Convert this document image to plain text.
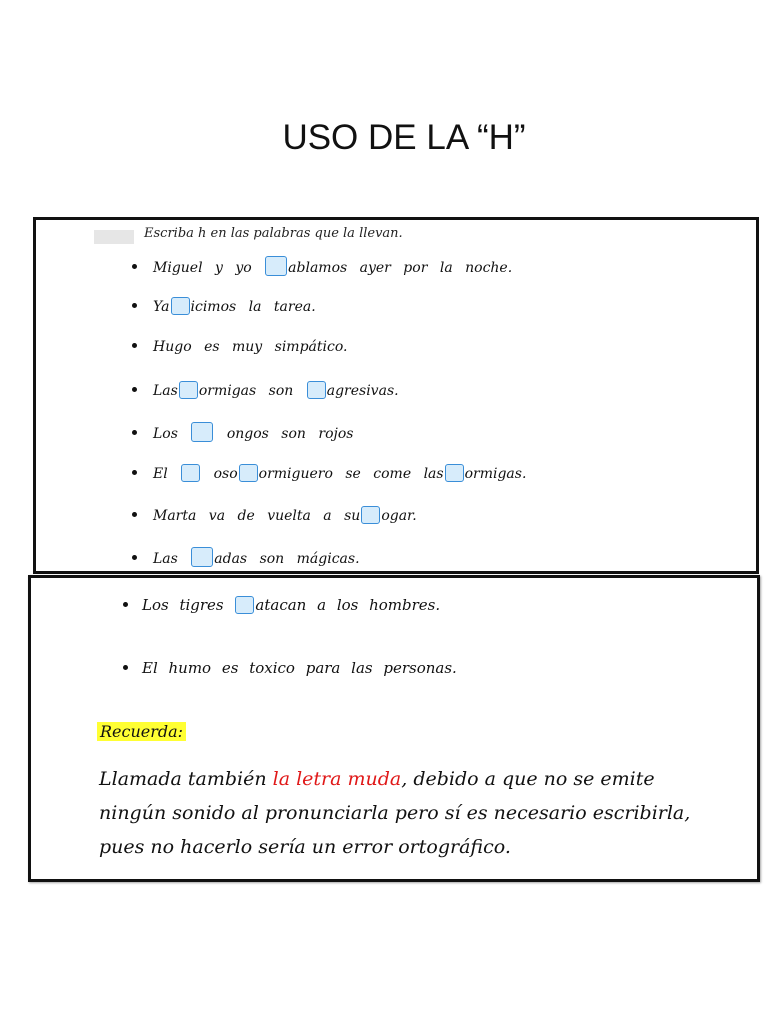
USO DE LA “H”
Escriba h en las palabras que la llevan.
Miguel y yo	ablamos ayer por la noche.
Ya icimos la tarea.
Hugo es muy simpático.
Las ormigas son agresivas.
Los	ongos son rojos
El	oso ormiguero se come las ormigas.
Marta va de vuelta a su ogar.
Las	adas son mágicas.
Los tigres atacan a los hombres.
El humo es toxico para las personas.
Recuerda:
Llamada también la letra muda, debido a que no se emite ningún sonido al pronunciarla pero sí es necesario escribirla, pues no hacerlo sería un error ortográfico.
